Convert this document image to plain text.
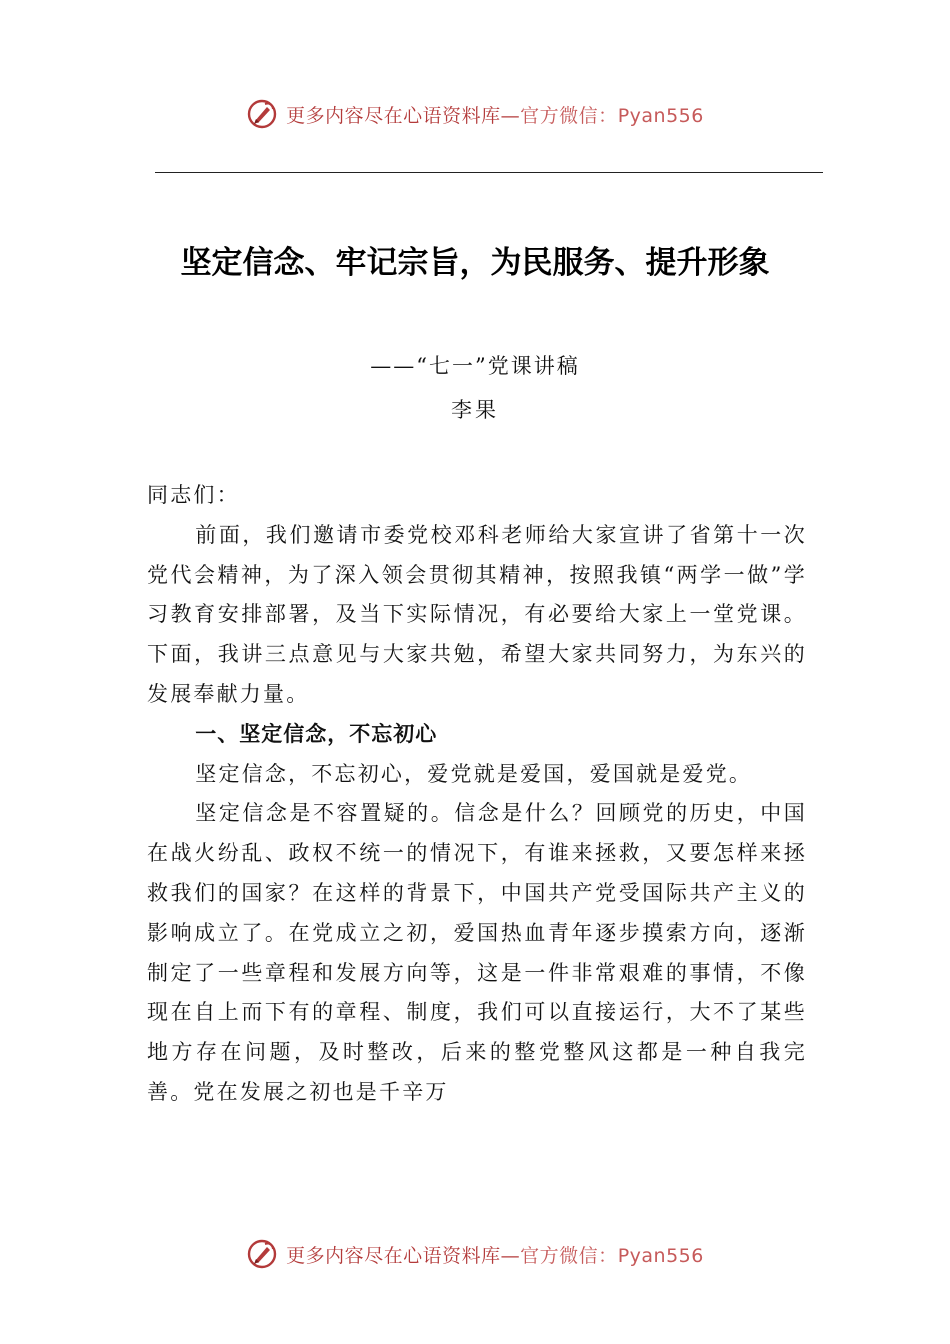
更多内容尽在心语资料库—官方微信：Pyan556
坚定信念、牢记宗旨，为民服务、提升形象

——“七一”党课讲稿

李果

同志们：

前面，我们邀请市委党校邓科老师给大家宣讲了省第十一次党代会精神，为了深入领会贯彻其精神，按照我镇“两学一做”学习教育安排部署，及当下实际情况，有必要给大家上一堂党课。下面，我讲三点意见与大家共勉，希望大家共同努力，为东兴的发展奉献力量。

一、坚定信念，不忘初心

坚定信念，不忘初心，爱党就是爱国，爱国就是爱党。

坚定信念是不容置疑的。信念是什么？回顾党的历史，中国在战火纷乱、政权不统一的情况下，有谁来拯救，又要怎样来拯救我们的国家？在这样的背景下，中国共产党受国际共产主义的影响成立了。在党成立之初，爱国热血青年逐步摸索方向，逐渐制定了一些章程和发展方向等，这是一件非常艰难的事情，不像现在自上而下有的章程、制度，我们可以直接运行，大不了某些地方存在问题，及时整改，后来的整党整风这都是一种自我完善。党在发展之初也是千辛万

更多内容尽在心语资料库—官方微信：Pyan556
